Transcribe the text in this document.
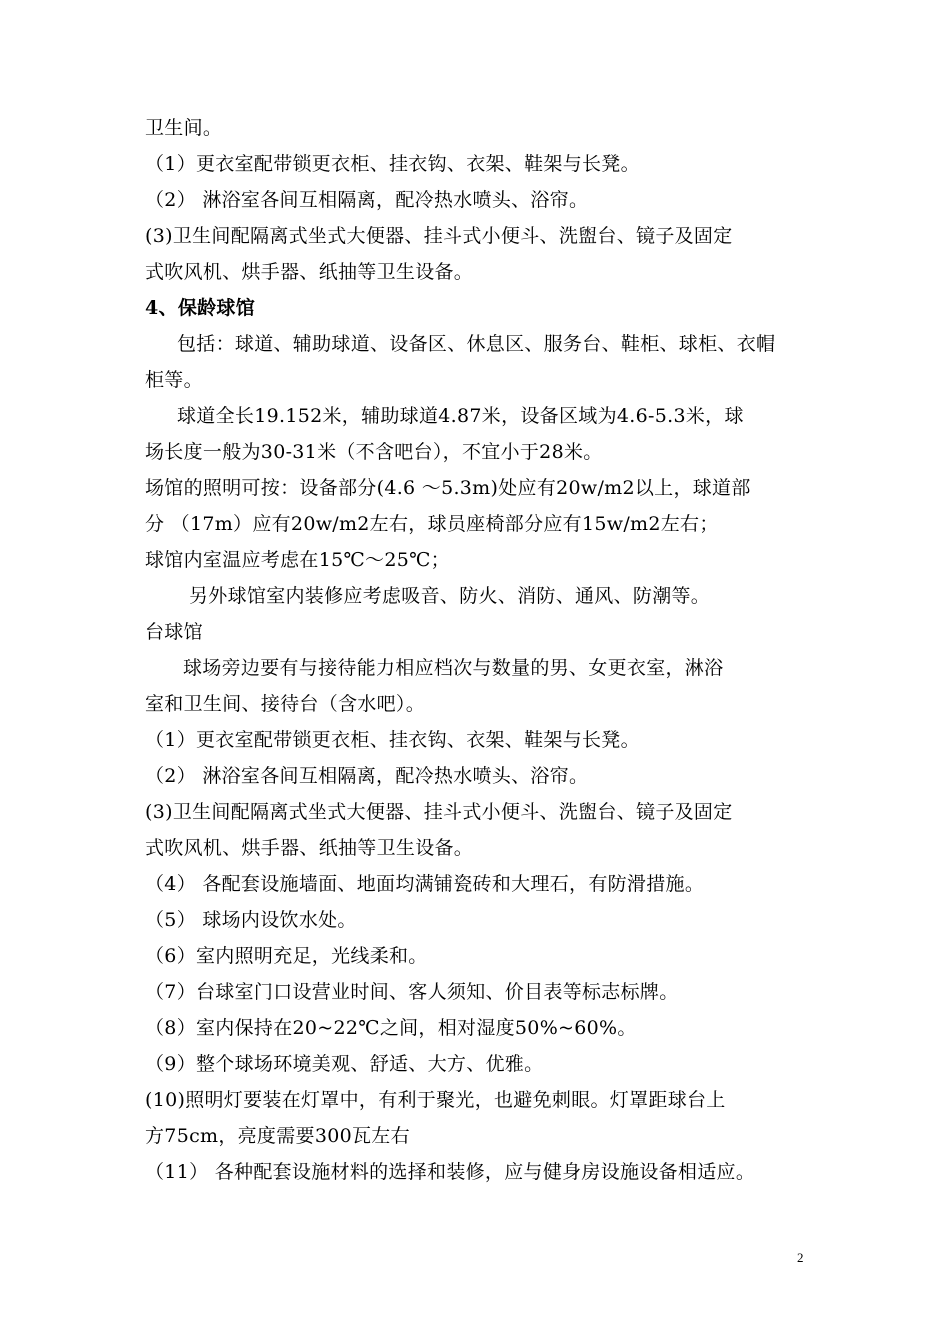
卫生间。
（1）更衣室配带锁更衣柜、挂衣钩、衣架、鞋架与长凳。
（2） 淋浴室各间互相隔离，配冷热水喷头、浴帘。
(3)卫生间配隔离式坐式大便器、挂斗式小便斗、洗盥台、镜子及固定
式吹风机、烘手器、纸抽等卫生设备。
4、保龄球馆
包括：球道、辅助球道、设备区、休息区、服务台、鞋柜、球柜、衣帽
柜等。
球道全长19.152米，辅助球道4.87米，设备区域为4.6-5.3米，球
场长度一般为30-31米（不含吧台），不宜小于28米。
场馆的照明可按：设备部分(4.6 ～5.3m)处应有20w/m2以上，球道部
分 （17m）应有20w/m2左右，球员座椅部分应有15w/m2左右；
球馆内室温应考虑在15℃～25℃；
另外球馆室内装修应考虑吸音、防火、消防、通风、防潮等。
台球馆
球场旁边要有与接待能力相应档次与数量的男、女更衣室，淋浴
室和卫生间、接待台（含水吧）。
（1）更衣室配带锁更衣柜、挂衣钩、衣架、鞋架与长凳。
（2） 淋浴室各间互相隔离，配冷热水喷头、浴帘。
(3)卫生间配隔离式坐式大便器、挂斗式小便斗、洗盥台、镜子及固定
式吹风机、烘手器、纸抽等卫生设备。
（4） 各配套设施墙面、地面均满铺瓷砖和大理石，有防滑措施。
（5） 球场内设饮水处。
（6）室内照明充足，光线柔和。
（7）台球室门口设营业时间、客人须知、价目表等标志标牌。
（8）室内保持在20~22℃之间，相对湿度50%~60%。
（9）整个球场环境美观、舒适、大方、优雅。
(10)照明灯要装在灯罩中，有利于聚光，也避免刺眼。灯罩距球台上
方75cm，亮度需要300瓦左右
（11） 各种配套设施材料的选择和装修，应与健身房设施设备相适应。
2
